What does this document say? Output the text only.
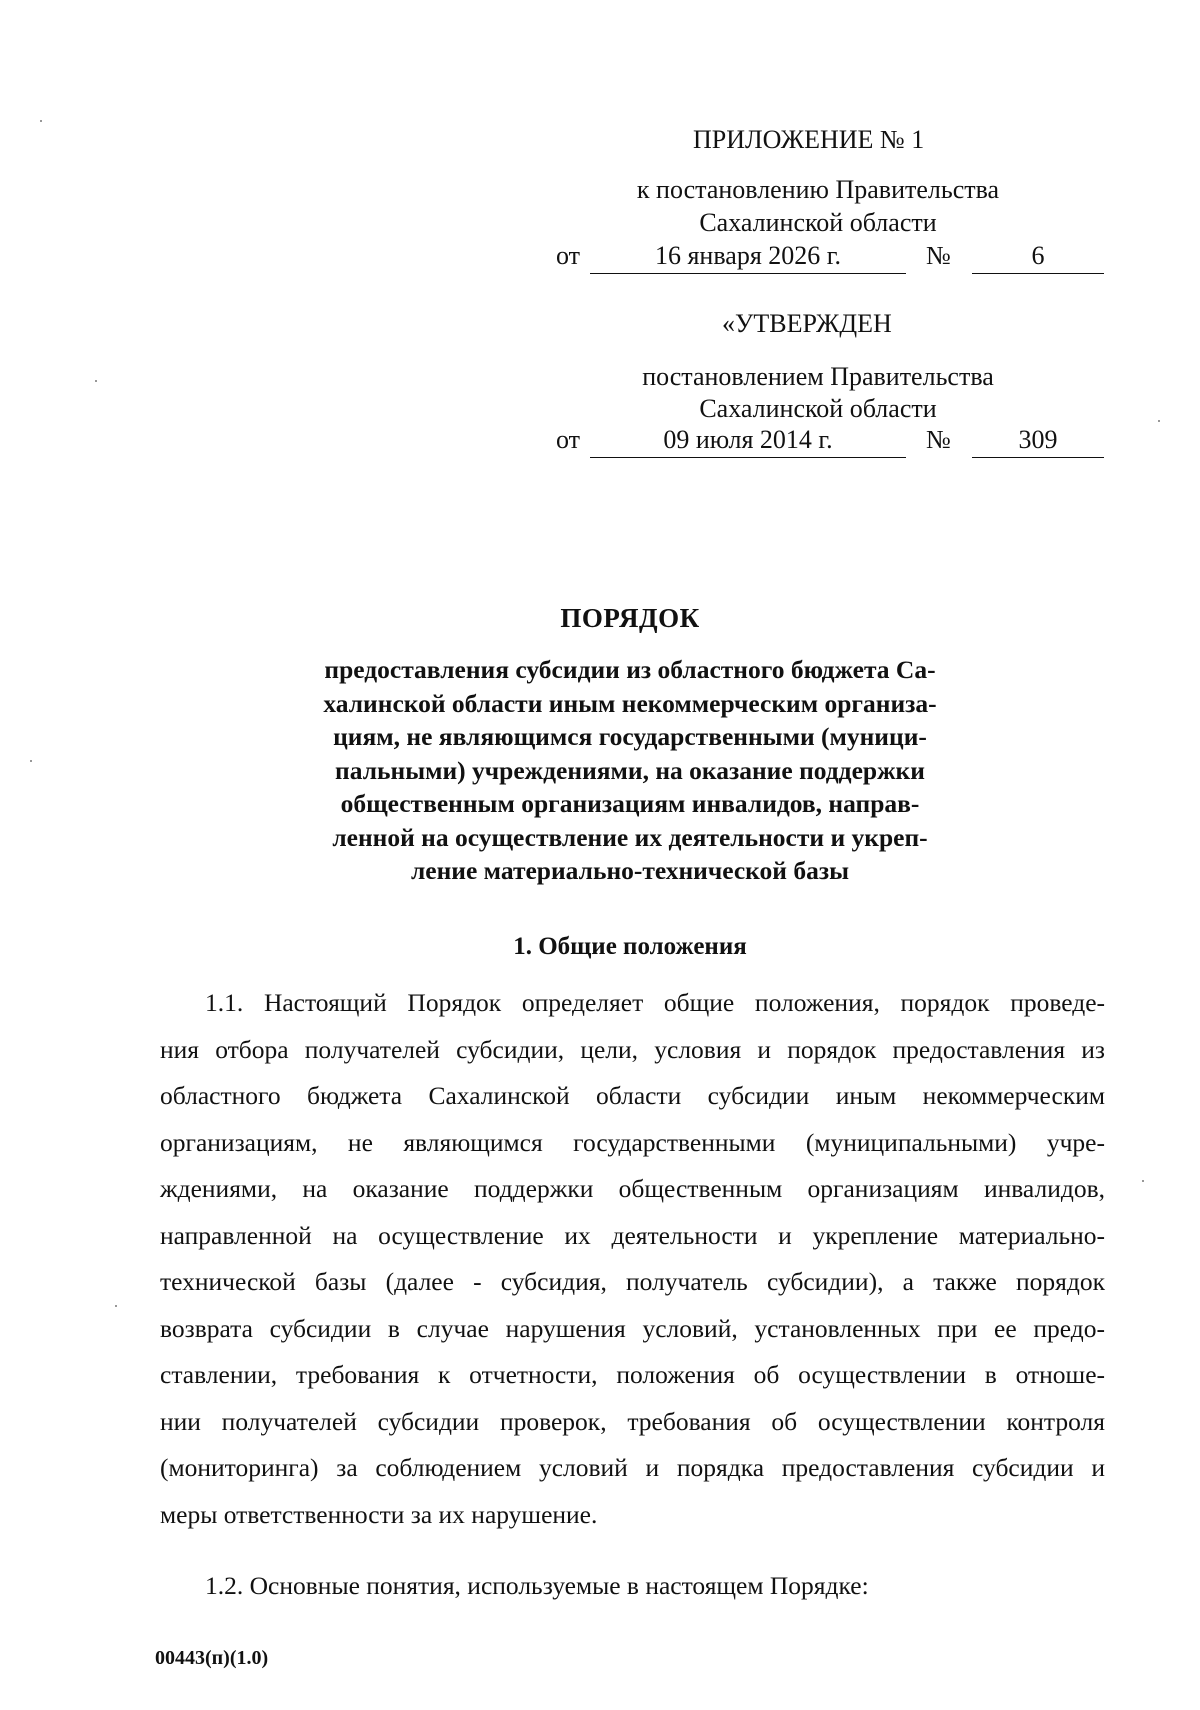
ПРИЛОЖЕНИЕ № 1
к постановлению Правительства
Сахалинской области
от	16 января 2026 г.	№	6
«УТВЕРЖДЕН
постановлением Правительства
Сахалинской области
от	09 июля 2014 г.	№	309
ПОРЯДОК
предоставления субсидии из областного бюджета Са-
халинской области иным некоммерческим организа-
циям, не являющимся государственными (муници-
пальными) учреждениями, на оказание поддержки
общественным организациям инвалидов, направ-
ленной на осуществление их деятельности и укреп-
ление материально-технической базы
1. Общие положения
1.1. Настоящий Порядок определяет общие положения, порядок проведе-
ния отбора получателей субсидии, цели, условия и порядок предоставления из
областного бюджета Сахалинской области субсидии иным некоммерческим
организациям, не являющимся государственными (муниципальными) учре-
ждениями, на оказание поддержки общественным организациям инвалидов,
направленной на осуществление их деятельности и укрепление материально-
технической базы (далее - субсидия, получатель субсидии), а также порядок
возврата субсидии в случае нарушения условий, установленных при ее предо-
ставлении, требования к отчетности, положения об осуществлении в отноше-
нии получателей субсидии проверок, требования об осуществлении контроля
(мониторинга) за соблюдением условий и порядка предоставления субсидии и
меры ответственности за их нарушение.
1.2. Основные понятия, используемые в настоящем Порядке:
00443(п)(1.0)
